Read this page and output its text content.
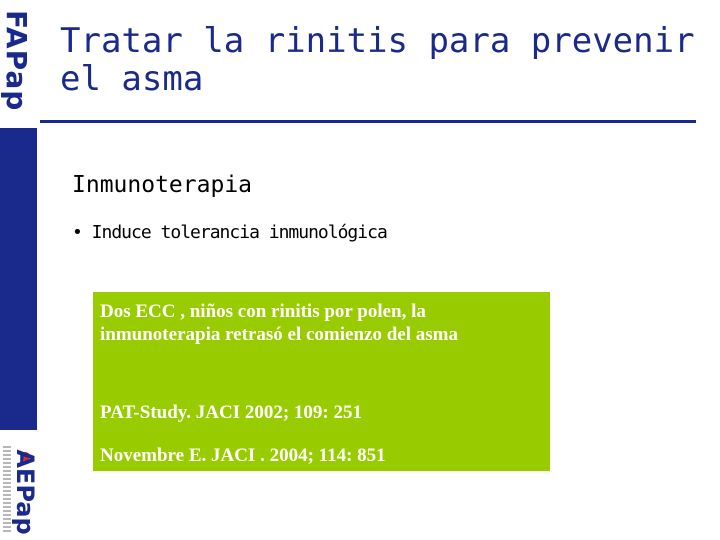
FAPap
AEPap
Tratar la rinitis para prevenir el asma
Inmunoterapia
• Induce tolerancia inmunológica

Dos ECC , niños con rinitis por polen, la inmunoterapia retrasó el comienzo del asma

PAT-Study. JACI 2002; 109: 251

Novembre E. JACI . 2004; 114: 851
